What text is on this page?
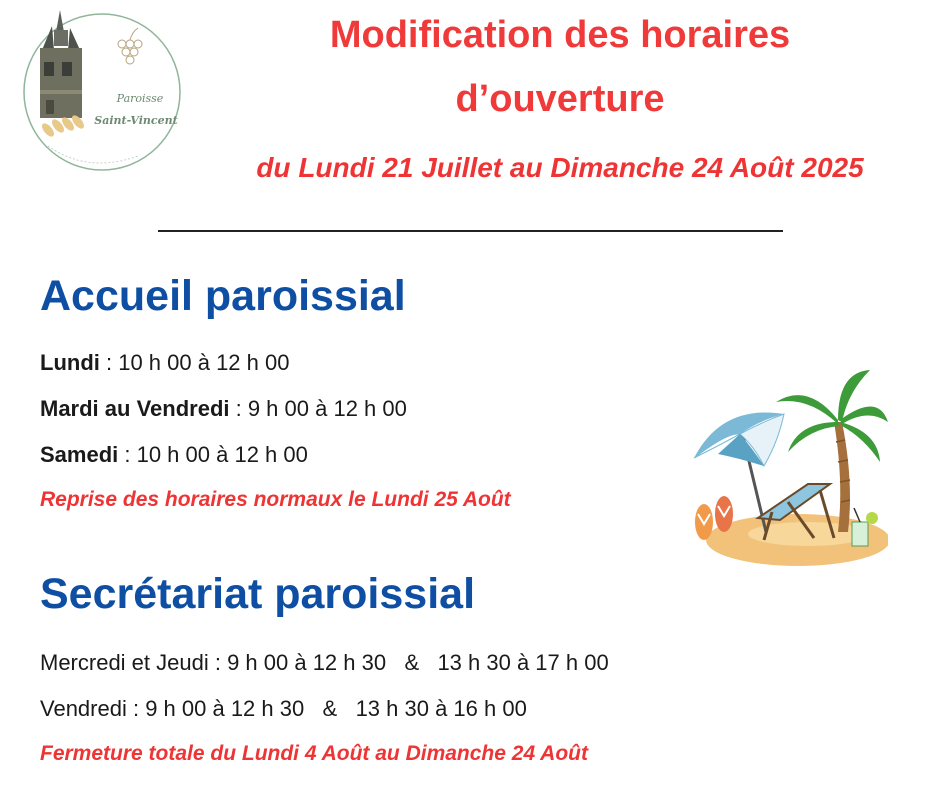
Paroisse
Saint-Vincent
Modification des horaires
d’ouverture
du Lundi 21 Juillet au Dimanche 24 Août 2025
Accueil paroissial
Lundi : 10 h 00 à 12 h 00
Mardi au Vendredi : 9 h 00 à 12 h 00
Samedi : 10 h 00 à 12 h 00
Reprise des horaires normaux le Lundi 25 Août
Secrétariat paroissial
Mercredi et Jeudi : 9 h 00 à 12 h 30   &   13 h 30 à 17 h 00
Vendredi : 9 h 00 à 12 h 30   &   13 h 30 à 16 h 00
Fermeture totale du Lundi 4 Août au Dimanche 24 Août
